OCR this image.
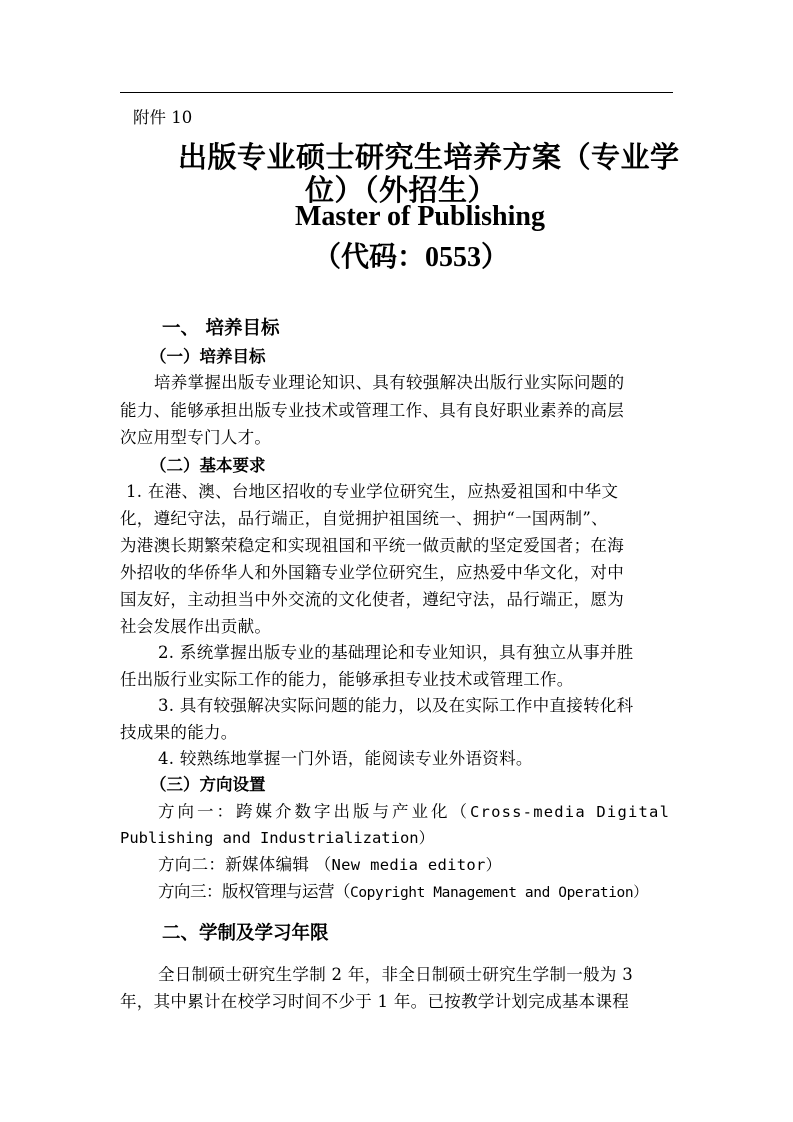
附件 10
出版专业硕士研究生培养方案（专业学
位）（外招生）
Master of Publishing
（代码：0553）
一、 培养目标
（一）培养目标
培养掌握出版专业理论知识、具有较强解决出版行业实际问题的
能力、能够承担出版专业技术或管理工作、具有良好职业素养的高层
次应用型专门人才。
（二）基本要求
1. 在港、澳、台地区招收的专业学位研究生，应热爱祖国和中华文
化，遵纪守法，品行端正，自觉拥护祖国统一、拥护“一国两制”、
为港澳长期繁荣稳定和实现祖国和平统一做贡献的坚定爱国者；在海
外招收的华侨华人和外国籍专业学位研究生，应热爱中华文化，对中
国友好，主动担当中外交流的文化使者，遵纪守法，品行端正，愿为
社会发展作出贡献。
2. 系统掌握出版专业的基础理论和专业知识，具有独立从事并胜
任出版行业实际工作的能力，能够承担专业技术或管理工作。
3. 具有较强解决实际问题的能力，以及在实际工作中直接转化科
技成果的能力。
4. 较熟练地掌握一门外语，能阅读专业外语资料。
（三）方向设置
方向一：跨媒介数字出版与产业化（Cross-media Digital
Publishing and Industrialization）
方向二：新媒体编辑 （New media editor）
方向三：版权管理与运营（Copyright Management and Operation）
二、学制及学习年限
全日制硕士研究生学制 2 年，非全日制硕士研究生学制一般为 3
年，其中累计在校学习时间不少于 1 年。已按教学计划完成基本课程
